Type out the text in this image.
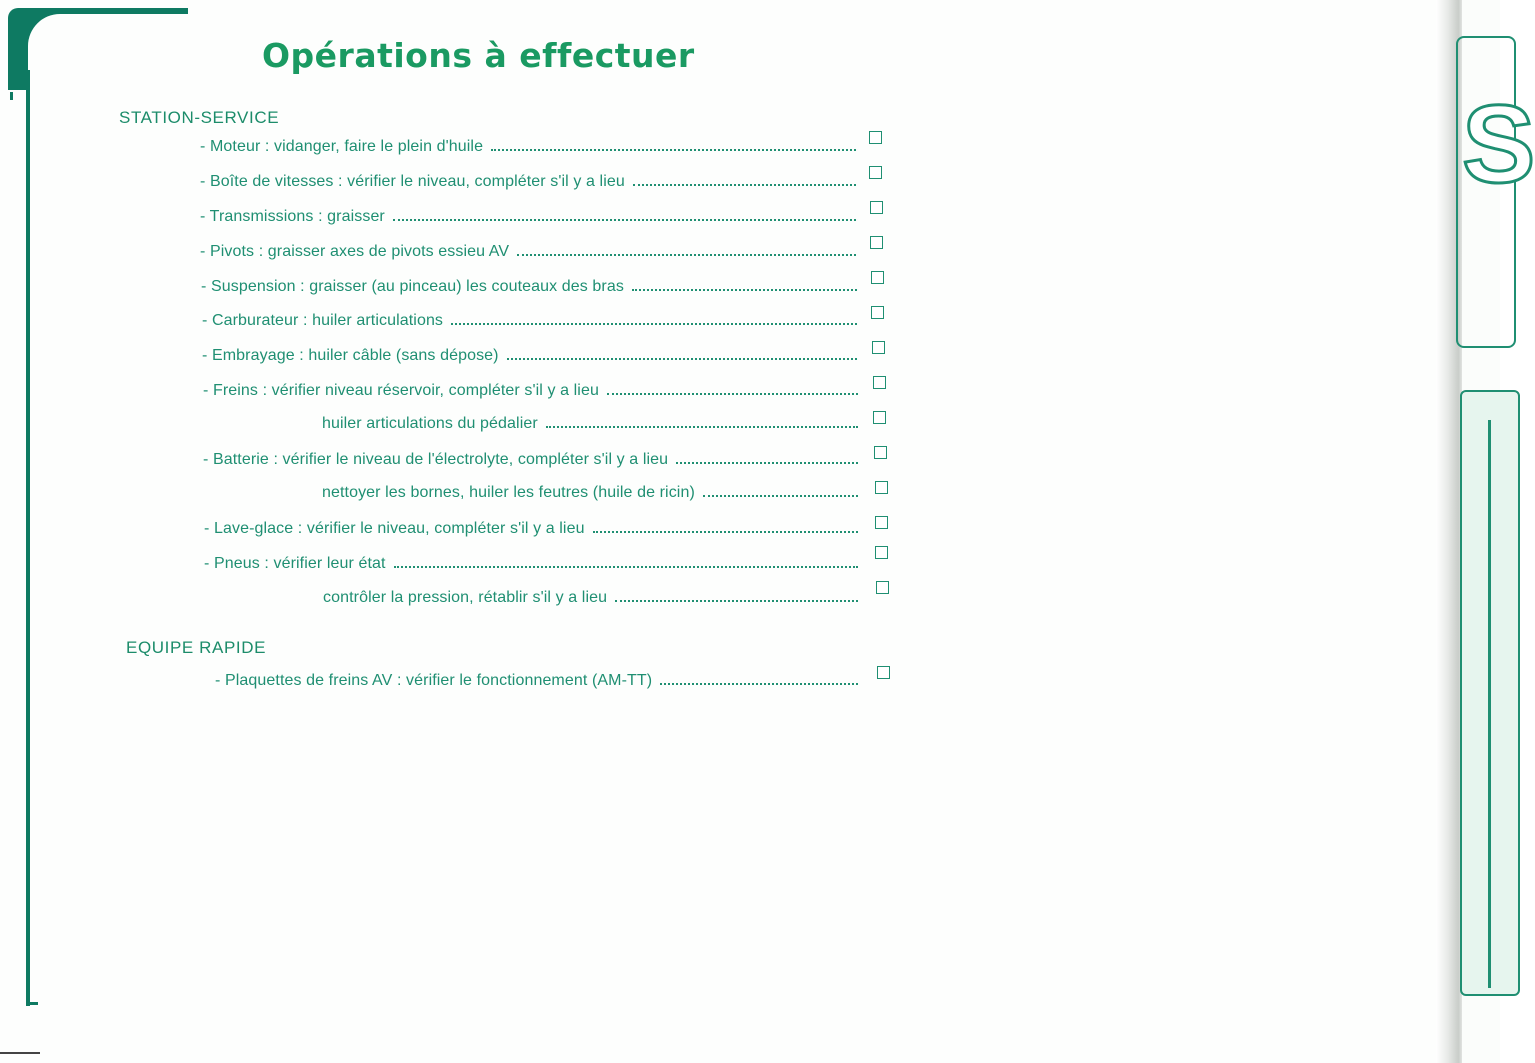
S
Opérations à effectuer
STATION-SERVICE
- Moteur : vidanger, faire le plein d'huile
- Boîte de vitesses : vérifier le niveau, compléter s'il y a lieu
- Transmissions : graisser
- Pivots : graisser axes de pivots essieu AV
- Suspension : graisser (au pinceau) les couteaux des bras
- Carburateur : huiler articulations
- Embrayage : huiler câble (sans dépose)
- Freins : vérifier niveau réservoir, compléter s'il y a lieu
huiler articulations du pédalier
- Batterie : vérifier le niveau de l'électrolyte, compléter s'il y a lieu
nettoyer les bornes, huiler les feutres (huile de ricin)
- Lave-glace : vérifier le niveau, compléter s'il y a lieu
- Pneus : vérifier leur état
contrôler la pression, rétablir s'il y a lieu
EQUIPE RAPIDE
- Plaquettes de freins AV : vérifier le fonctionnement (AM-TT)
